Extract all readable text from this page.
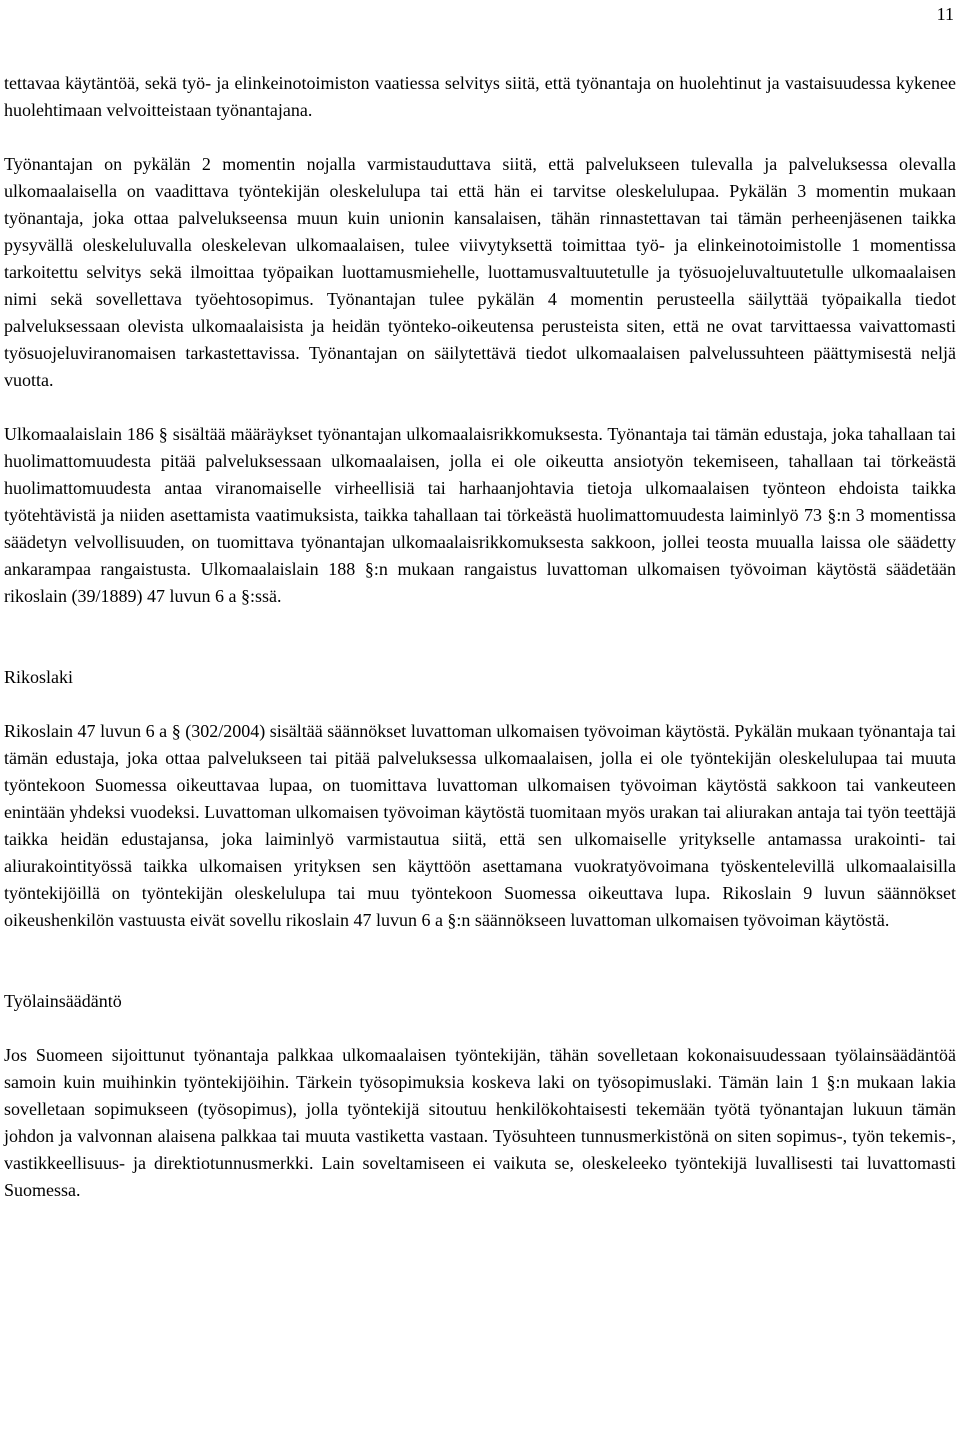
11

tettavaa käytäntöä, sekä työ- ja elinkeinotoimiston vaatiessa selvitys siitä, että työnantaja on huolehtinut ja vastaisuudessa kykenee huolehtimaan velvoitteistaan työnantajana.

Työnantajan on pykälän 2 momentin nojalla varmistauduttava siitä, että palvelukseen tulevalla ja palveluksessa olevalla ulkomaalaisella on vaadittava työntekijän oleskelulupa tai että hän ei tarvitse oleskelulupaa. Pykälän 3 momentin mukaan työnantaja, joka ottaa palvelukseensa muun kuin unionin kansalaisen, tähän rinnastettavan tai tämän perheenjäsenen taikka pysyvällä oleskeluluvalla oleskelevan ulkomaalaisen, tulee viivytyksettä toimittaa työ- ja elinkeinotoimistolle 1 momentissa tarkoitettu selvitys sekä ilmoittaa työpaikan luottamusmiehelle, luottamusvaltuutetulle ja työsuojeluvaltuutetulle ulkomaalaisen nimi sekä sovellettava työehtosopimus. Työnantajan tulee pykälän 4 momentin perusteella säilyttää työpaikalla tiedot palveluksessaan olevista ulkomaalaisista ja heidän työnteko-oikeutensa perusteista siten, että ne ovat tarvittaessa vaivattomasti työsuojeluviranomaisen tarkastettavissa. Työnantajan on säilytettävä tiedot ulkomaalaisen palvelussuhteen päättymisestä neljä vuotta.

Ulkomaalaislain 186 § sisältää määräykset työnantajan ulkomaalaisrikkomuksesta. Työnantaja tai tämän edustaja, joka tahallaan tai huolimattomuudesta pitää palveluksessaan ulkomaalaisen, jolla ei ole oikeutta ansiotyön tekemiseen, tahallaan tai törkeästä huolimattomuudesta antaa viranomaiselle virheellisiä tai harhaanjohtavia tietoja ulkomaalaisen työnteon ehdoista taikka työtehtävistä ja niiden asettamista vaatimuksista, taikka tahallaan tai törkeästä huolimattomuudesta laiminlyö 73 §:n 3 momentissa säädetyn velvollisuuden, on tuomittava työnantajan ulkomaalaisrikkomuksesta sakkoon, jollei teosta muualla laissa ole säädetty ankarampaa rangaistusta. Ulkomaalaislain 188 §:n mukaan rangaistus luvattoman ulkomaisen työvoiman käytöstä säädetään rikoslain (39/1889) 47 luvun 6 a §:ssä.

Rikoslaki

Rikoslain 47 luvun 6 a § (302/2004) sisältää säännökset luvattoman ulkomaisen työvoiman käytöstä. Pykälän mukaan työnantaja tai tämän edustaja, joka ottaa palvelukseen tai pitää palveluksessa ulkomaalaisen, jolla ei ole työntekijän oleskelulupaa tai muuta työntekoon Suomessa oikeuttavaa lupaa, on tuomittava luvattoman ulkomaisen työvoiman käytöstä sakkoon tai vankeuteen enintään yhdeksi vuodeksi. Luvattoman ulkomaisen työvoiman käytöstä tuomitaan myös urakan tai aliurakan antaja tai työn teettäjä taikka heidän edustajansa, joka laiminlyö varmistautua siitä, että sen ulkomaiselle yritykselle antamassa urakointi- tai aliurakointityössä taikka ulkomaisen yrityksen sen käyttöön asettamana vuokratyövoimana työskentelevillä ulkomaalaisilla työntekijöillä on työntekijän oleskelulupa tai muu työntekoon Suomessa oikeuttava lupa. Rikoslain 9 luvun säännökset oikeushenkilön vastuusta eivät sovellu rikoslain 47 luvun 6 a §:n säännökseen luvattoman ulkomaisen työvoiman käytöstä.

Työlainsäädäntö

Jos Suomeen sijoittunut työnantaja palkkaa ulkomaalaisen työntekijän, tähän sovelletaan kokonaisuudessaan työlainsäädäntöä samoin kuin muihinkin työntekijöihin. Tärkein työsopimuksia koskeva laki on työsopimuslaki. Tämän lain 1 §:n mukaan lakia sovelletaan sopimukseen (työsopimus), jolla työntekijä sitoutuu henkilökohtaisesti tekemään työtä työnantajan lukuun tämän johdon ja valvonnan alaisena palkkaa tai muuta vastiketta vastaan. Työsuhteen tunnusmerkistönä on siten sopimus-, työn tekemis-, vastikkeellisuus- ja direktiotunnusmerkki. Lain soveltamiseen ei vaikuta se, oleskeleeko työntekijä luvallisesti tai luvattomasti Suomessa.
